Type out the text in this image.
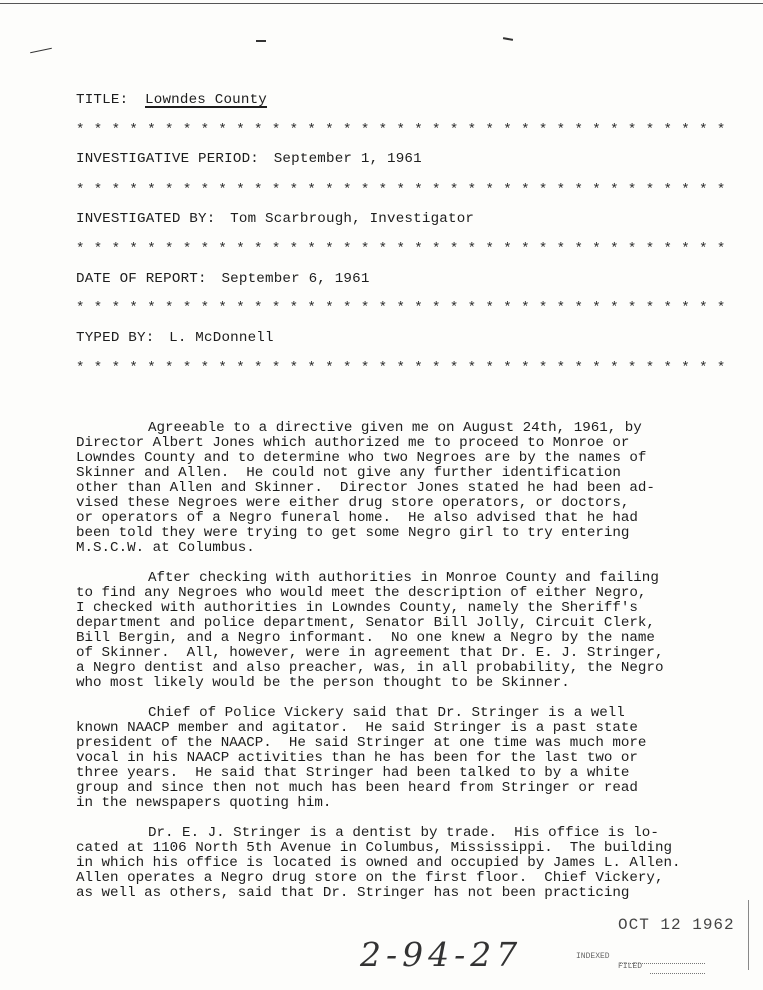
TITLE: Lowndes County
* * * * * * * * * * * * * * * * * * * * * * * * * * * * * * * * * * * * *
INVESTIGATIVE PERIOD: September 1, 1961
* * * * * * * * * * * * * * * * * * * * * * * * * * * * * * * * * * * * *
INVESTIGATED BY: Tom Scarbrough, Investigator
* * * * * * * * * * * * * * * * * * * * * * * * * * * * * * * * * * * * *
DATE OF REPORT: September 6, 1961
* * * * * * * * * * * * * * * * * * * * * * * * * * * * * * * * * * * * *
TYPED BY: L. McDonnell
* * * * * * * * * * * * * * * * * * * * * * * * * * * * * * * * * * * * *
Agreeable to a directive given me on August 24th, 1961, by
Director Albert Jones which authorized me to proceed to Monroe or
Lowndes County and to determine who two Negroes are by the names of
Skinner and Allen.  He could not give any further identification
other than Allen and Skinner.  Director Jones stated he had been ad-
vised these Negroes were either drug store operators, or doctors,
or operators of a Negro funeral home.  He also advised that he had
been told they were trying to get some Negro girl to try entering
M.S.C.W. at Columbus.
After checking with authorities in Monroe County and failing
to find any Negroes who would meet the description of either Negro,
I checked with authorities in Lowndes County, namely the Sheriff's
department and police department, Senator Bill Jolly, Circuit Clerk,
Bill Bergin, and a Negro informant.  No one knew a Negro by the name
of Skinner.  All, however, were in agreement that Dr. E. J. Stringer,
a Negro dentist and also preacher, was, in all probability, the Negro
who most likely would be the person thought to be Skinner.
Chief of Police Vickery said that Dr. Stringer is a well
known NAACP member and agitator.  He said Stringer is a past state
president of the NAACP.  He said Stringer at one time was much more
vocal in his NAACP activities than he has been for the last two or
three years.  He said that Stringer had been talked to by a white
group and since then not much has been heard from Stringer or read
in the newspapers quoting him.
Dr. E. J. Stringer is a dentist by trade.  His office is lo-
cated at 1106 North 5th Avenue in Columbus, Mississippi.  The building
in which his office is located is owned and occupied by James L. Allen.
Allen operates a Negro drug store on the first floor.  Chief Vickery,
as well as others, said that Dr. Stringer has not been practicing
OCT 12 1962
INDEXED
FILED
2-94-27
